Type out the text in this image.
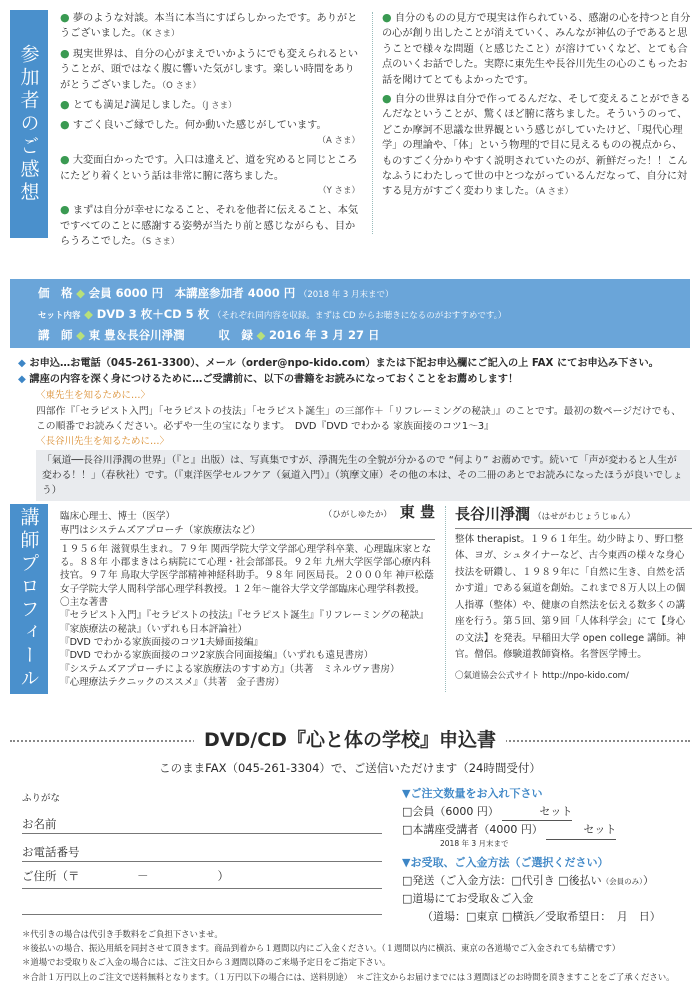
参加者のご感想
● 夢のような対談。本当に本当にすばらしかったです。ありがとうございました。（K さま）
● 現実世界は、自分の心がまえでいかようにでも変えられるということが、頭ではなく腹に響いた気がします。楽しい時間をありがとうございました。（O さま）
● とても満足♪満足しました。（J さま）
● すごく良いご縁でした。何か動いた感じがしています。
（A さま）
● 大変面白かったです。入口は違えど、道を究めると同じところにたどり着くという話は非常に腑に落ちました。
（Y さま）
● まずは自分が幸せになること、それを他者に伝えること、本気ですべてのことに感謝する姿勢が当たり前と感じながらも、目からうろこでした。（S さま）
● 自分のものの見方で現実は作られている、感謝の心を持つと自分の心が創り出したことが消えていく、みんなが神仏の子であると思うことで様々な問題（と感じたこと）が溶けていくなど、とても合点のいくお話でした。実際に東先生や長谷川先生の心のこもったお話を聞けてとてもよかったです。
● 自分の世界は自分で作ってるんだな、そして変えることができるんだなということが、驚くほど腑に落ちました。そういうのって、どこか摩訶不思議な世界観という感じがしていたけど、「現代心理学」の理論や、「体」という物理的で目に見えるものの視点から、ものすごく分かりやすく説明されていたのが、新鮮だった！！こんなふうにわたしって世の中とつながっているんだなって、自分に対する見方がすごく変わりました。（A さま）
価　格 ◆ 会員 6000 円　本講座参加者 4000 円 （2018 年 3 月末まで）
セット内容 ◆ DVD 3 枚＋CD 5 枚 （それぞれ同内容を収録。まずは CD からお聴きになるのがおすすめです。）
講　師 ◆ 東 豊＆長谷川淨潤	収　録 ◆ 2016 年 3 月 27 日
◆ お申込…お電話（045-261-3300）、メール（order@npo-kido.com）または下記お申込欄にご記入の上 FAX にてお申込み下さい。
◆ 講座の内容を深く身につけるために…ご受講前に、以下の書籍をお読みになっておくことをお薦めします！
〈東先生を知るために…〉
四部作『「セラピスト入門」「セラピストの技法」「セラピスト誕生」の三部作＋「リフレーミングの秘訣」』のことです。最初の数ページだけでも、この順番でお読みください。必ずや一生の宝になります。　DVD『DVD でわかる 家族面接のコツ1〜3』
〈長谷川先生を知るために…〉
「氣道──長谷川淨潤の世界」（『と』出版）は、写真集ですが、淨潤先生の全貌が分かるので “何より” お薦めです。続いて「声が変わると人生が変わる！！」（春秋社）です。（『東洋医学セルフケア（氣道入門）』（筑摩文庫）その他の本は、その二冊のあとでお読みになったほうが良いでしょう）
講師プロフィール	（ひがしゆたか） 東 豊
臨床心理士、博士（医学）
専門はシステムズアプローチ（家族療法など）
１９５６年 滋賀県生まれ。７９年 関西学院大学文学部心理学科卒業、心理臨床家となる。８８年 小郡まきはら病院にて心理・社会部部長。９２年 九州大学医学部心療内科技官。９７年 鳥取大学医学部精神神経科助手。９８年 同医局長。２０００年 神戸松蔭女子学院大学人間科学部心理学科教授。１２年〜龍谷大学文学部臨床心理学科教授。
〇主な著書
『セラピスト入門』『セラピストの技法』『セラピスト誕生』『リフレーミングの秘訣』
『家族療法の秘訣』（いずれも日本評論社）
『DVD でわかる家族面接のコツ1夫婦面接編』
『DVD でわかる家族面接のコツ2家族合同面接編』（いずれも遠見書房）
『システムズアプローチによる家族療法のすすめ方』（共著　ミネルヴァ書房）
『心理療法テクニックのススメ』（共著　金子書房）
長谷川淨潤 （はせがわじょうじゅん）
整体 therapist。１９６１年生。幼少時より、野口整体、ヨガ、シュタイナーなど、古今東西の様々な身心技法を研鑽し、１９８９年に「自然に生き、自然を活かす道」である氣道を創始。これまで８万人以上の個人指導（整体）や、健康の自然法を伝える数多くの講座を行う。第５回、第９回「人体科学会」にて【身心の文法】を発表。早稲田大学 open college 講師。神官。僧侶。修験道教師資格。名誉医学博士。
〇氣道協会公式サイト http://npo-kido.com/
DVD/CD『心と体の学校』申込書
このままFAX（045-261-3304）で、ご送信いただけます（24時間受付）
ふりがな
お名前
お電話番号
ご住所（〒　　　　　－　　　　　　）
▼ご注文数量をお入れ下さい
□会員（6000 円）	セット
□本講座受講者（4000 円）	セット
2018 年 3 月末まで
▼お受取、ご入金方法（ご選択ください）
□発送（ご入金方法：□代引き □後払い（会員のみ））
□道場にてお受取＆ご入金
（道場：□東京 □横浜／受取希望日：　月　日）
＊代引きの場合は代引き手数料をご負担下さいませ。
＊後払いの場合、振込用紙を同封させて頂きます。商品到着から１週間以内にご入金ください。（１週間以内に横浜、東京の各道場でご入金されても結構です）
＊道場でお受取り＆ご入金の場合には、ご注文日から３週間以降のご来場予定日をご指定下さい。
＊合計１万円以上のご注文で送料無料となります。（１万円以下の場合には、送料別途）　＊ご注文からお届けまでには３週間ほどのお時間を頂きますことをご了承ください。
